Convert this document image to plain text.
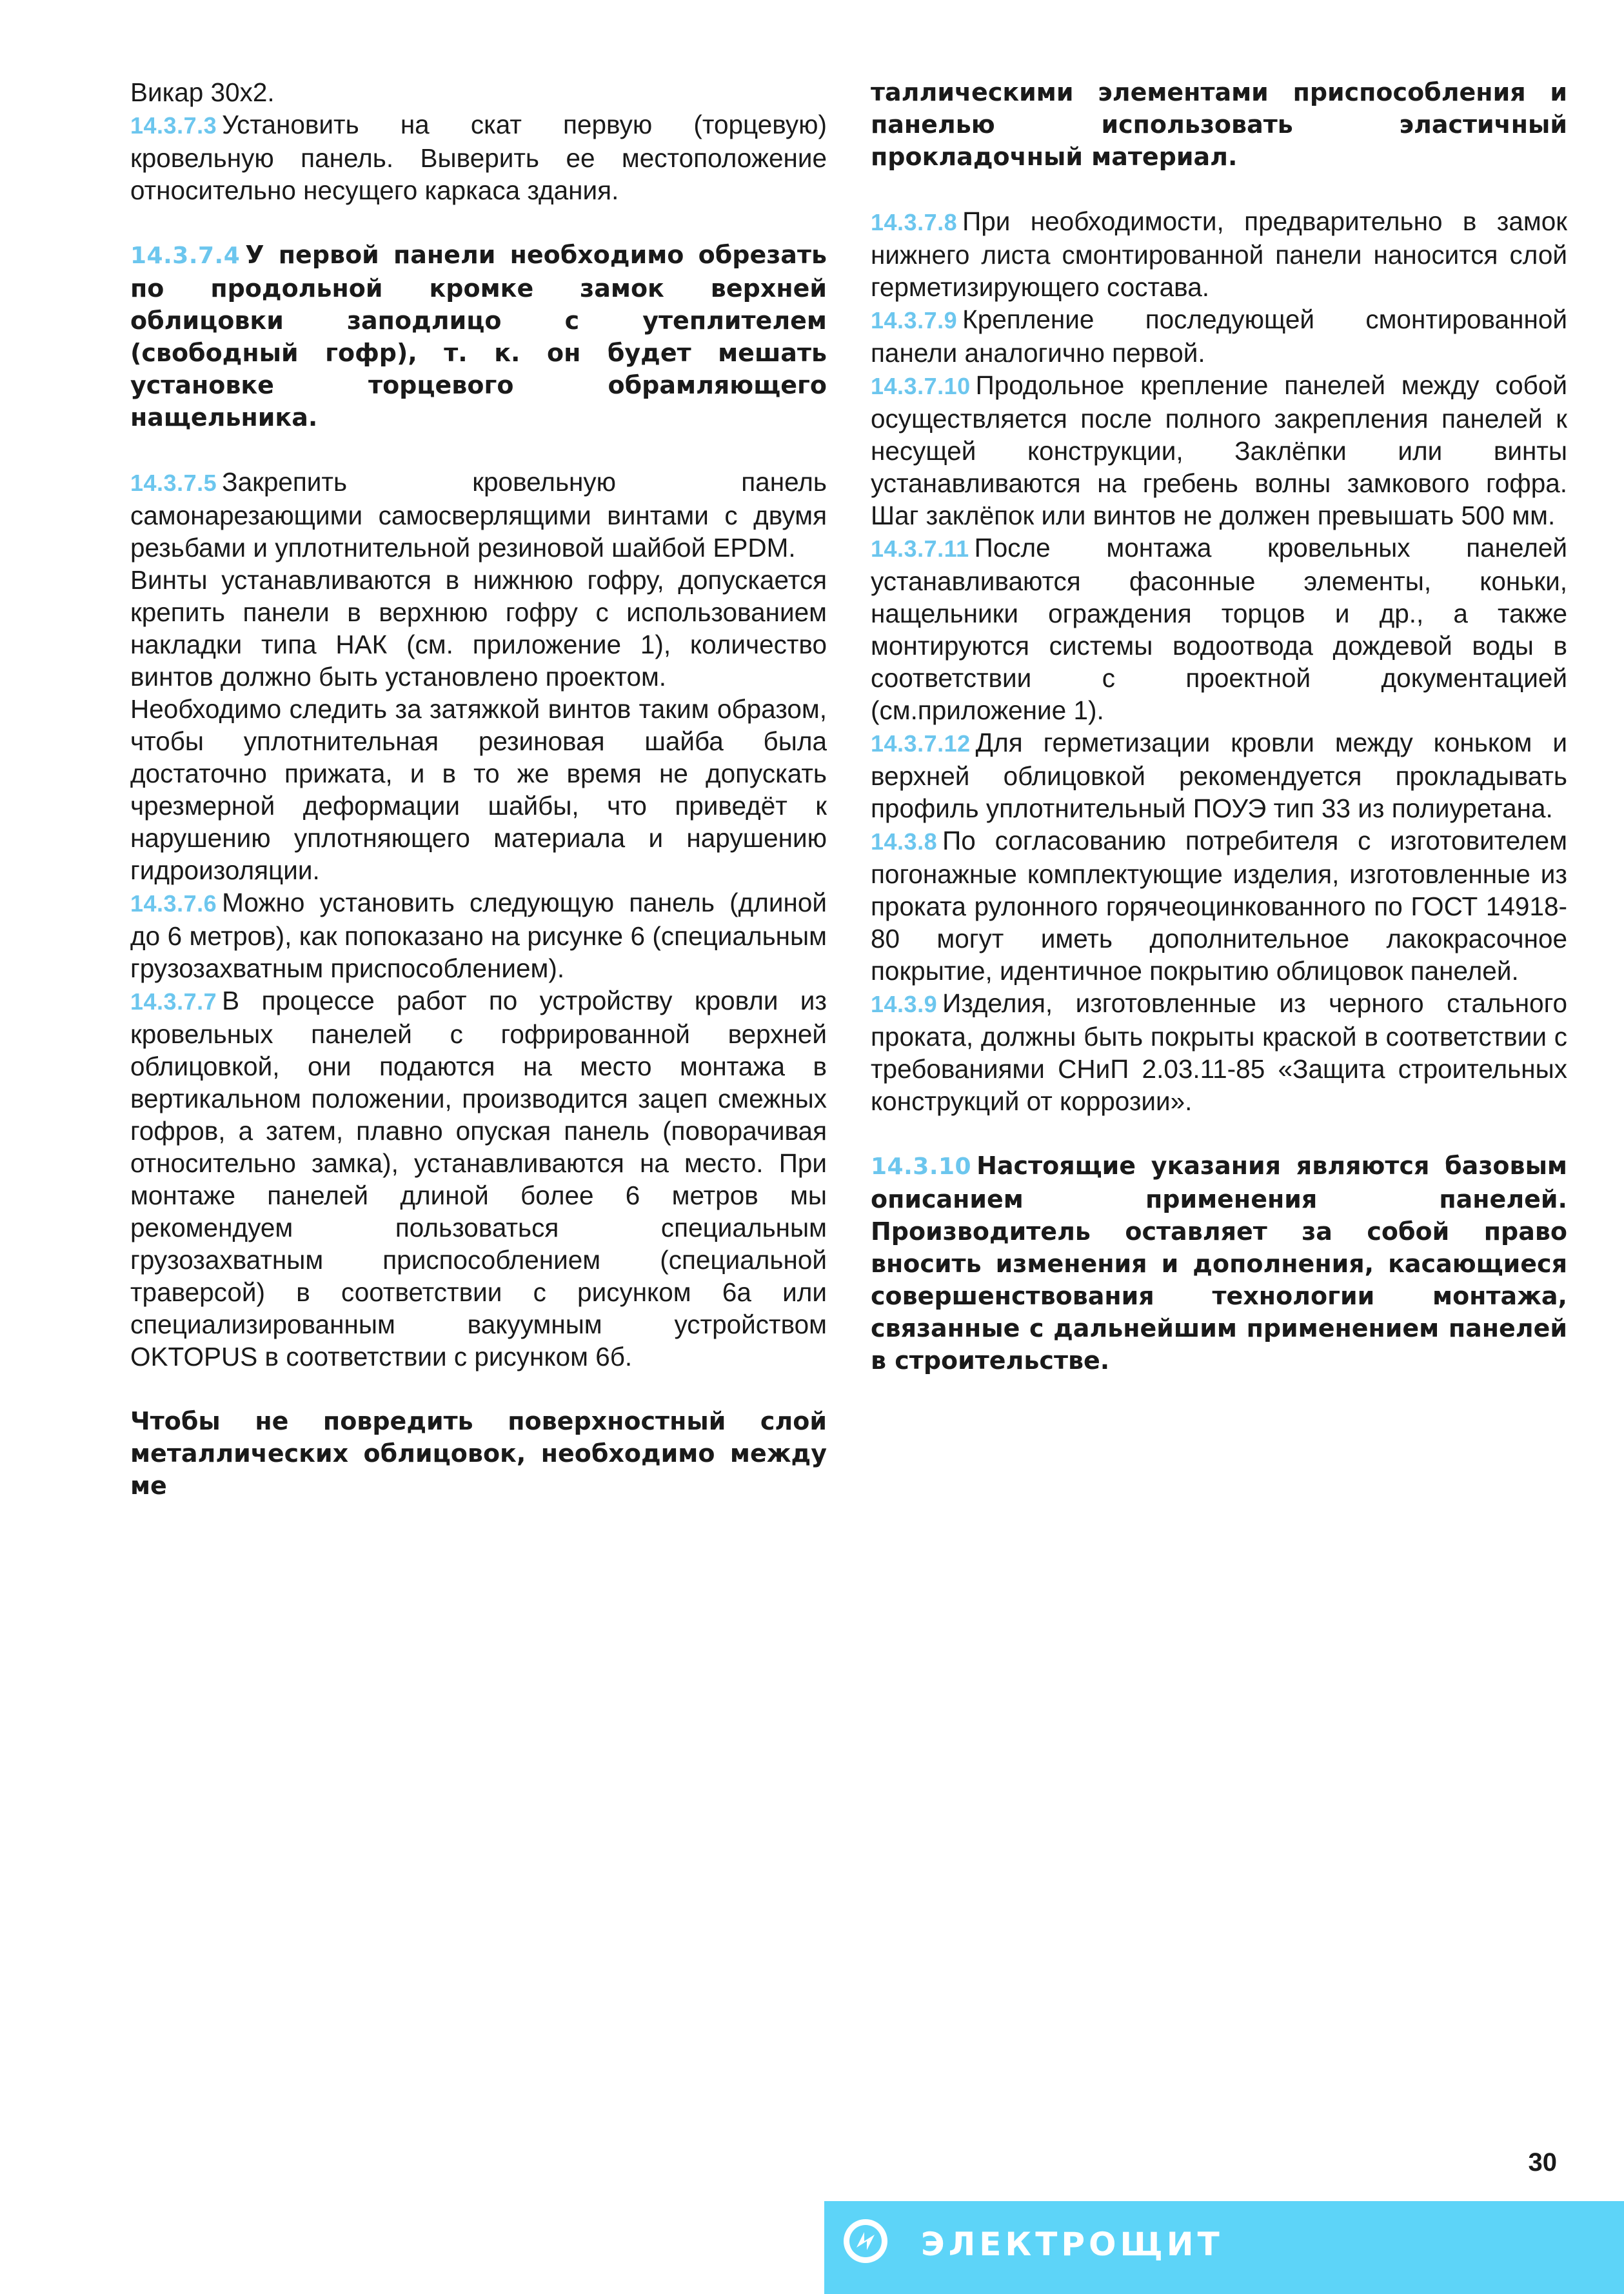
Викар 30х2.

14.3.7.3 Установить на скат первую (торцевую) кровельную панель. Выверить ее местоположение относительно несущего каркаса здания.

14.3.7.4 У первой панели необходимо обрезать по продольной кромке замок верхней облицовки заподлицо с утеплителем (свободный гофр), т. к. он будет мешать установке торцевого обрамляющего нащельника.

14.3.7.5 Закрепить кровельную панель самонарезающими самосверлящими винтами с двумя резьбами и уплотнительной резиновой шайбой EPDM.

Винты устанавливаются в нижнюю гофру, допускается крепить панели в верхнюю гофру с использованием накладки типа НАК (см. приложение 1), количество винтов должно быть установлено проектом.

Необходимо следить за затяжкой винтов таким образом, чтобы уплотнительная резиновая шайба была достаточно прижата, и в то же время не допускать чрезмерной деформации шайбы, что приведёт к нарушению уплотняющего материала и нарушению гидроизоляции.

14.3.7.6 Можно установить следующую панель (длиной до 6 метров), как попоказано на рисунке 6 (специальным грузозахватным приспособлением).

14.3.7.7 В процессе работ по устройству кровли из кровельных панелей с гофрированной верхней облицовкой, они подаются на место монтажа в вертикальном положении, производится зацеп смежных гофров, а затем, плавно опуская панель (поворачивая относительно замка), устанавливаются на место. При монтаже панелей длиной более 6 метров мы рекомендуем пользоваться специальным грузозахватным приспособлением (специальной траверсой) в соответствии с рисунком 6а или специализированным вакуумным устройством OKTOPUS в соответствии с рисунком 6б.

Чтобы не повредить поверхностный слой металлических облицовок, необходимо между ме

таллическими элементами приспособления и панелью использовать эластичный прокладочный материал.

14.3.7.8 При необходимости, предварительно в замок нижнего листа смонтированной панели наносится слой герметизирующего состава.

14.3.7.9 Крепление последующей смонтированной панели аналогично первой.

14.3.7.10 Продольное крепление панелей между собой осуществляется после полного закрепления панелей к несущей конструкции, Заклёпки или винты устанавливаются на гребень волны замкового гофра. Шаг заклёпок или винтов не должен превышать 500 мм.

14.3.7.11 После монтажа кровельных панелей устанавливаются фасонные элементы, коньки, нащельники ограждения торцов и др., а также монтируются системы водоотвода дождевой воды в соответствии с проектной документацией (см.приложение 1).

14.3.7.12 Для герметизации кровли между коньком и верхней облицовкой рекомендуется прокладывать профиль уплотнительный ПОУЭ тип 33 из полиуретана.

14.3.8 По согласованию потребителя с изготовителем погонажные комплектующие изделия, изготовленные из проката рулонного горячеоцинкованного по ГОСТ 14918-80 могут иметь дополнительное лакокрасочное покрытие, идентичное покрытию облицовок панелей.

14.3.9 Изделия, изготовленные из черного стального проката, должны быть покрыты краской в соответствии с требованиями СНиП 2.03.11-85 «Защита строительных конструкций от коррозии».

14.3.10 Настоящие указания являются базовым описанием применения панелей. Производитель оставляет за собой право вносить изменения и дополнения, касающиеся совершенствования технологии монтажа, связанные с дальнейшим применением панелей в строительстве.

30
ЭЛЕКТРОЩИТ
